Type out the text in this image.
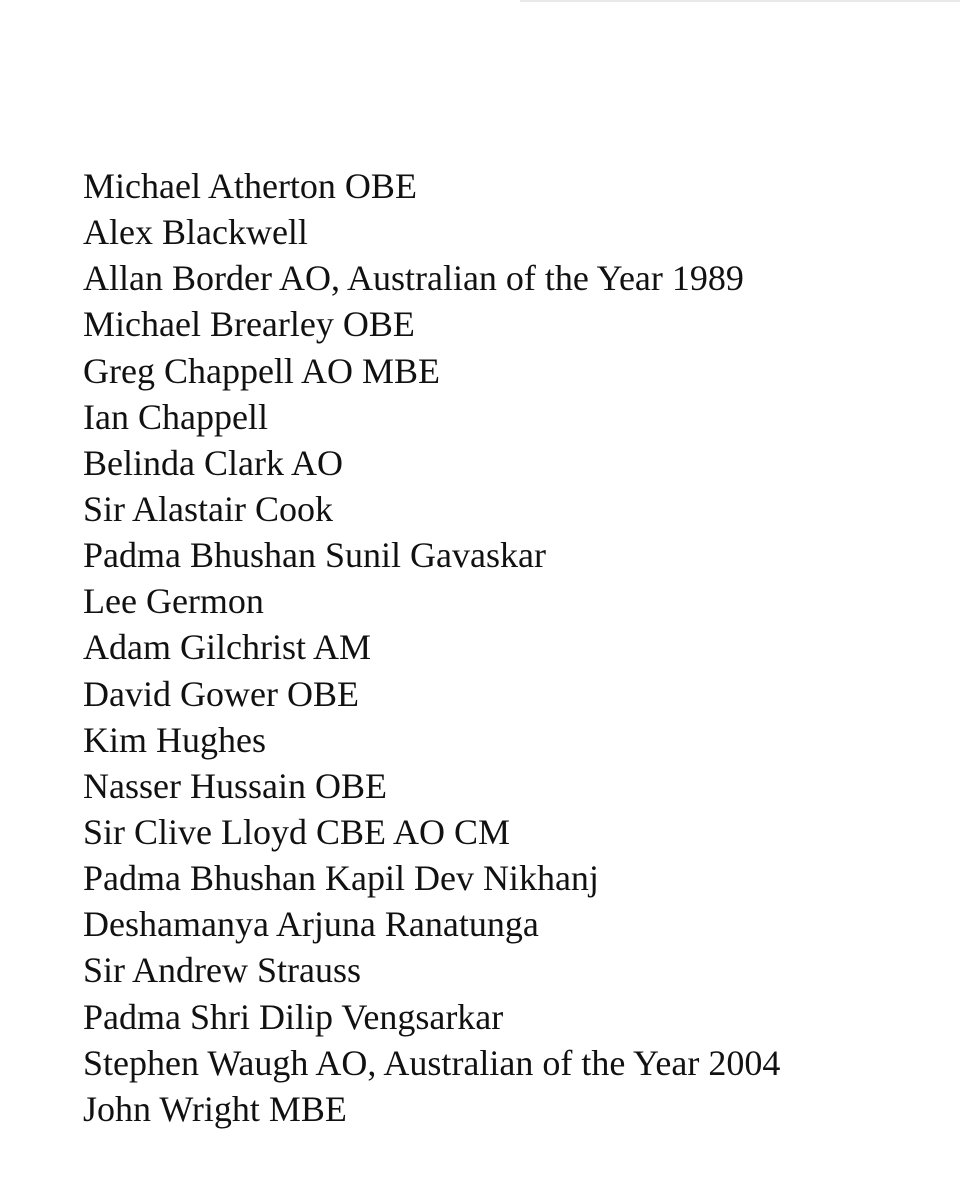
Michael Atherton OBE
Alex Blackwell
Allan Border AO, Australian of the Year 1989
Michael Brearley OBE
Greg Chappell AO MBE
Ian Chappell
Belinda Clark AO
Sir Alastair Cook
Padma Bhushan Sunil Gavaskar
Lee Germon
Adam Gilchrist AM
David Gower OBE
Kim Hughes
Nasser Hussain OBE
Sir Clive Lloyd CBE AO CM
Padma Bhushan Kapil Dev Nikhanj
Deshamanya Arjuna Ranatunga
Sir Andrew Strauss
Padma Shri Dilip Vengsarkar
Stephen Waugh AO, Australian of the Year 2004
John Wright MBE
